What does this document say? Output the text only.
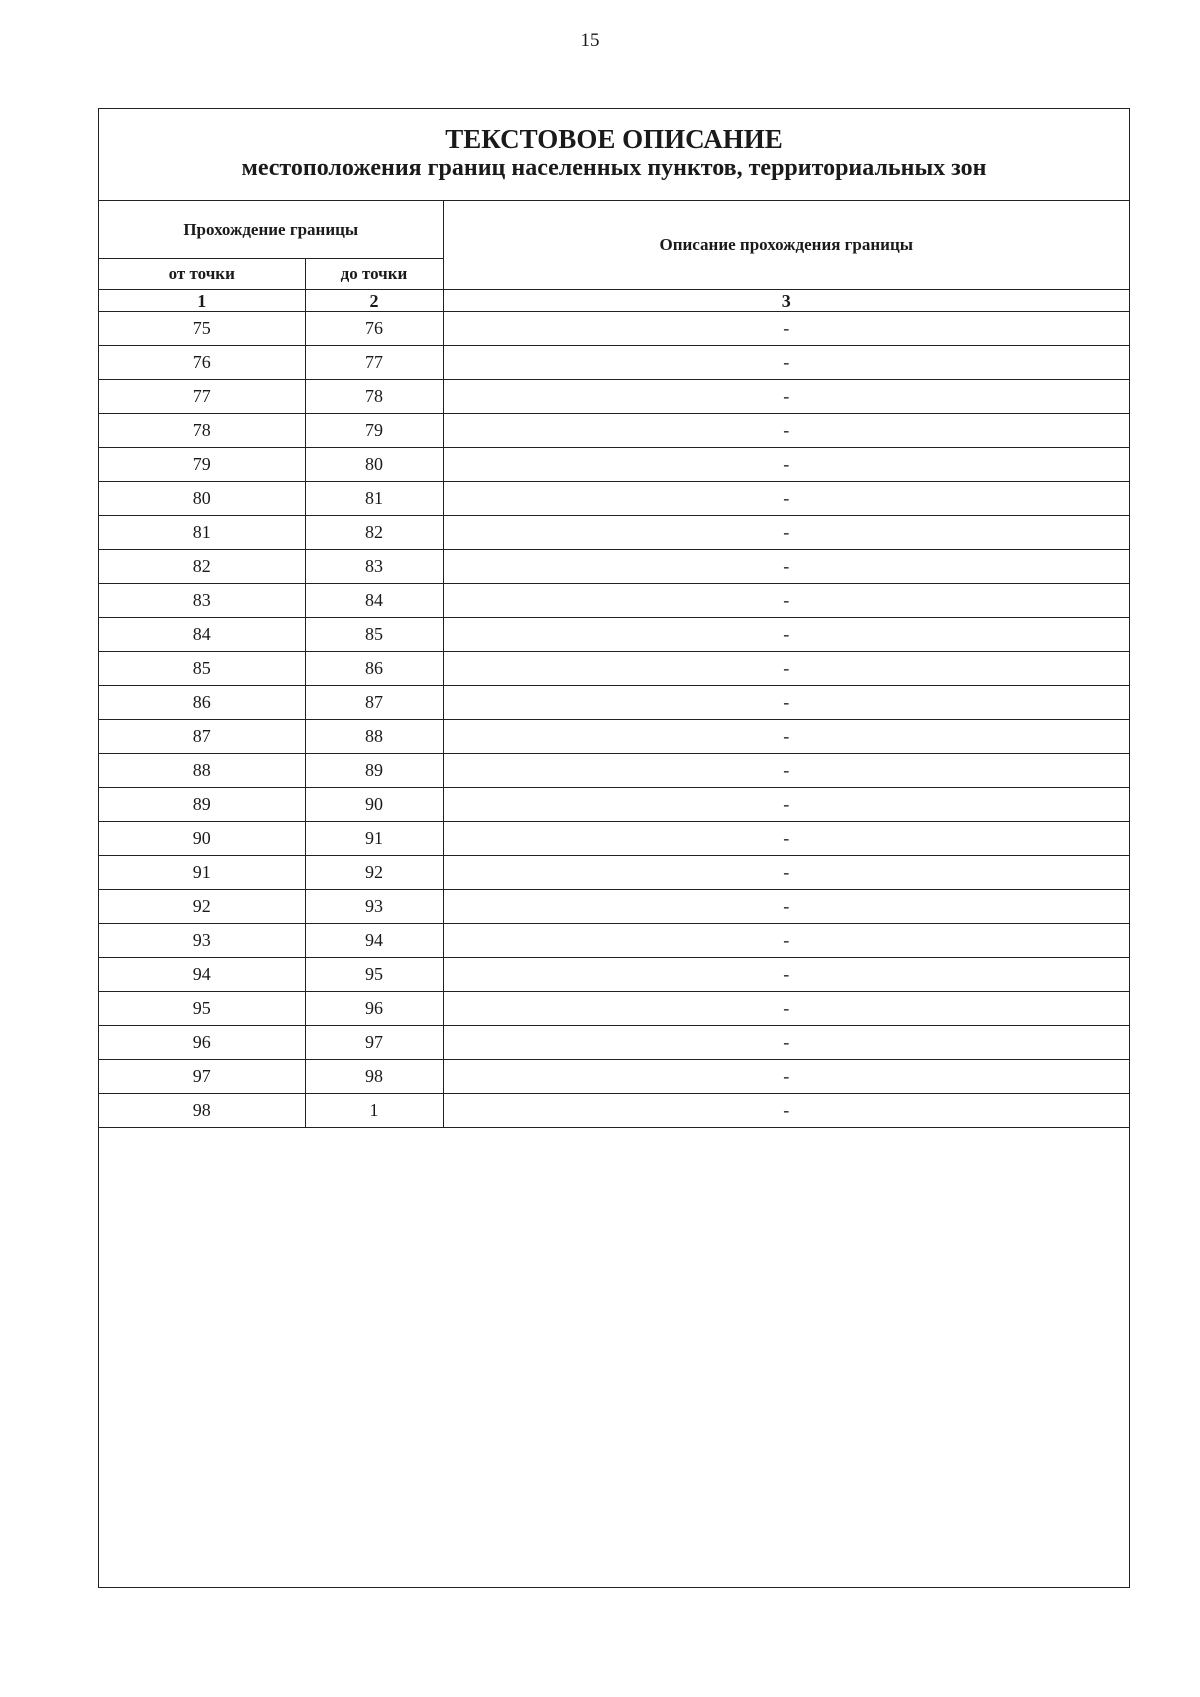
15
ТЕКСТОВОЕ ОПИСАНИЕ
местоположения границ населенных пунктов, территориальных зон
Прохождение границы		Описание прохождения границы
от точки	до точки	
1	2	3
75	76	-
76	77	-
77	78	-
78	79	-
79	80	-
80	81	-
81	82	-
82	83	-
83	84	-
84	85	-
85	86	-
86	87	-
87	88	-
88	89	-
89	90	-
90	91	-
91	92	-
92	93	-
93	94	-
94	95	-
95	96	-
96	97	-
97	98	-
98	1	-
